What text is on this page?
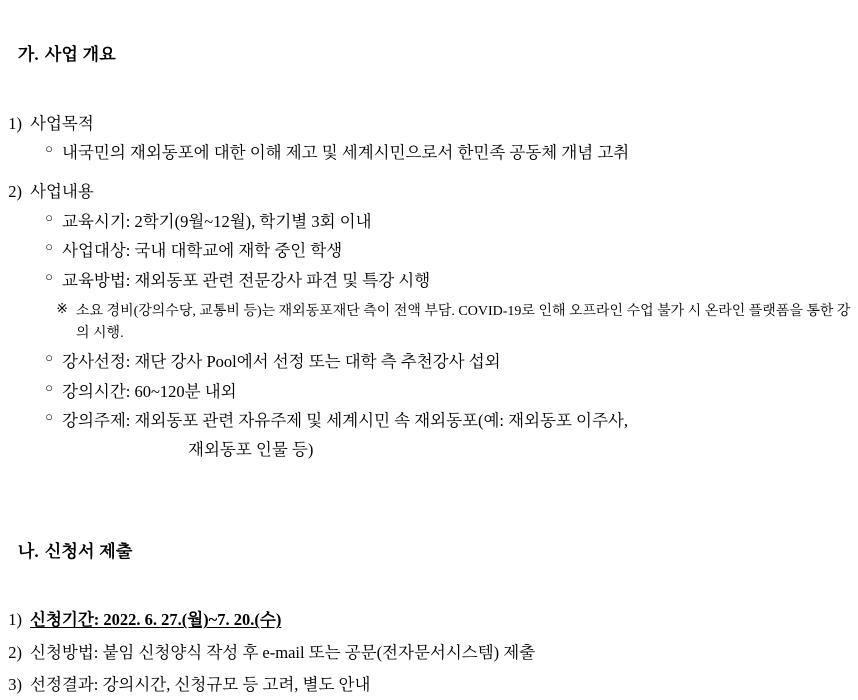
가. 사업 개요

1) 사업목적
○ 내국민의 재외동포에 대한 이해 제고 및 세계시민으로서 한민족 공동체 개념 고취
2) 사업내용
○ 교육시기: 2학기(9월~12월), 학기별 3회 이내
○ 사업대상: 국내 대학교에 재학 중인 학생
○ 교육방법: 재외동포 관련 전문강사 파견 및 특강 시행
※ 소요 경비(강의수당, 교통비 등)는 재외동포재단 측이 전액 부담. COVID-19로 인해 오프라인 수업 불가 시 온라인 플랫폼을 통한 강의 시행.
○ 강사선정: 재단 강사 Pool에서 선정 또는 대학 측 추천강사 섭외
○ 강의시간: 60~120분 내외
○ 강의주제: 재외동포 관련 자유주제 및 세계시민 속 재외동포(예: 재외동포 이주사,
재외동포 인물 등)

나. 신청서 제출

1) 신청기간: 2022. 6. 27.(월)~7. 20.(수)
2) 신청방법: 붙임 신청양식 작성 후 e-mail 또는 공문(전자문서시스템) 제출
3) 선정결과: 강의시간, 신청규모 등 고려, 별도 안내
